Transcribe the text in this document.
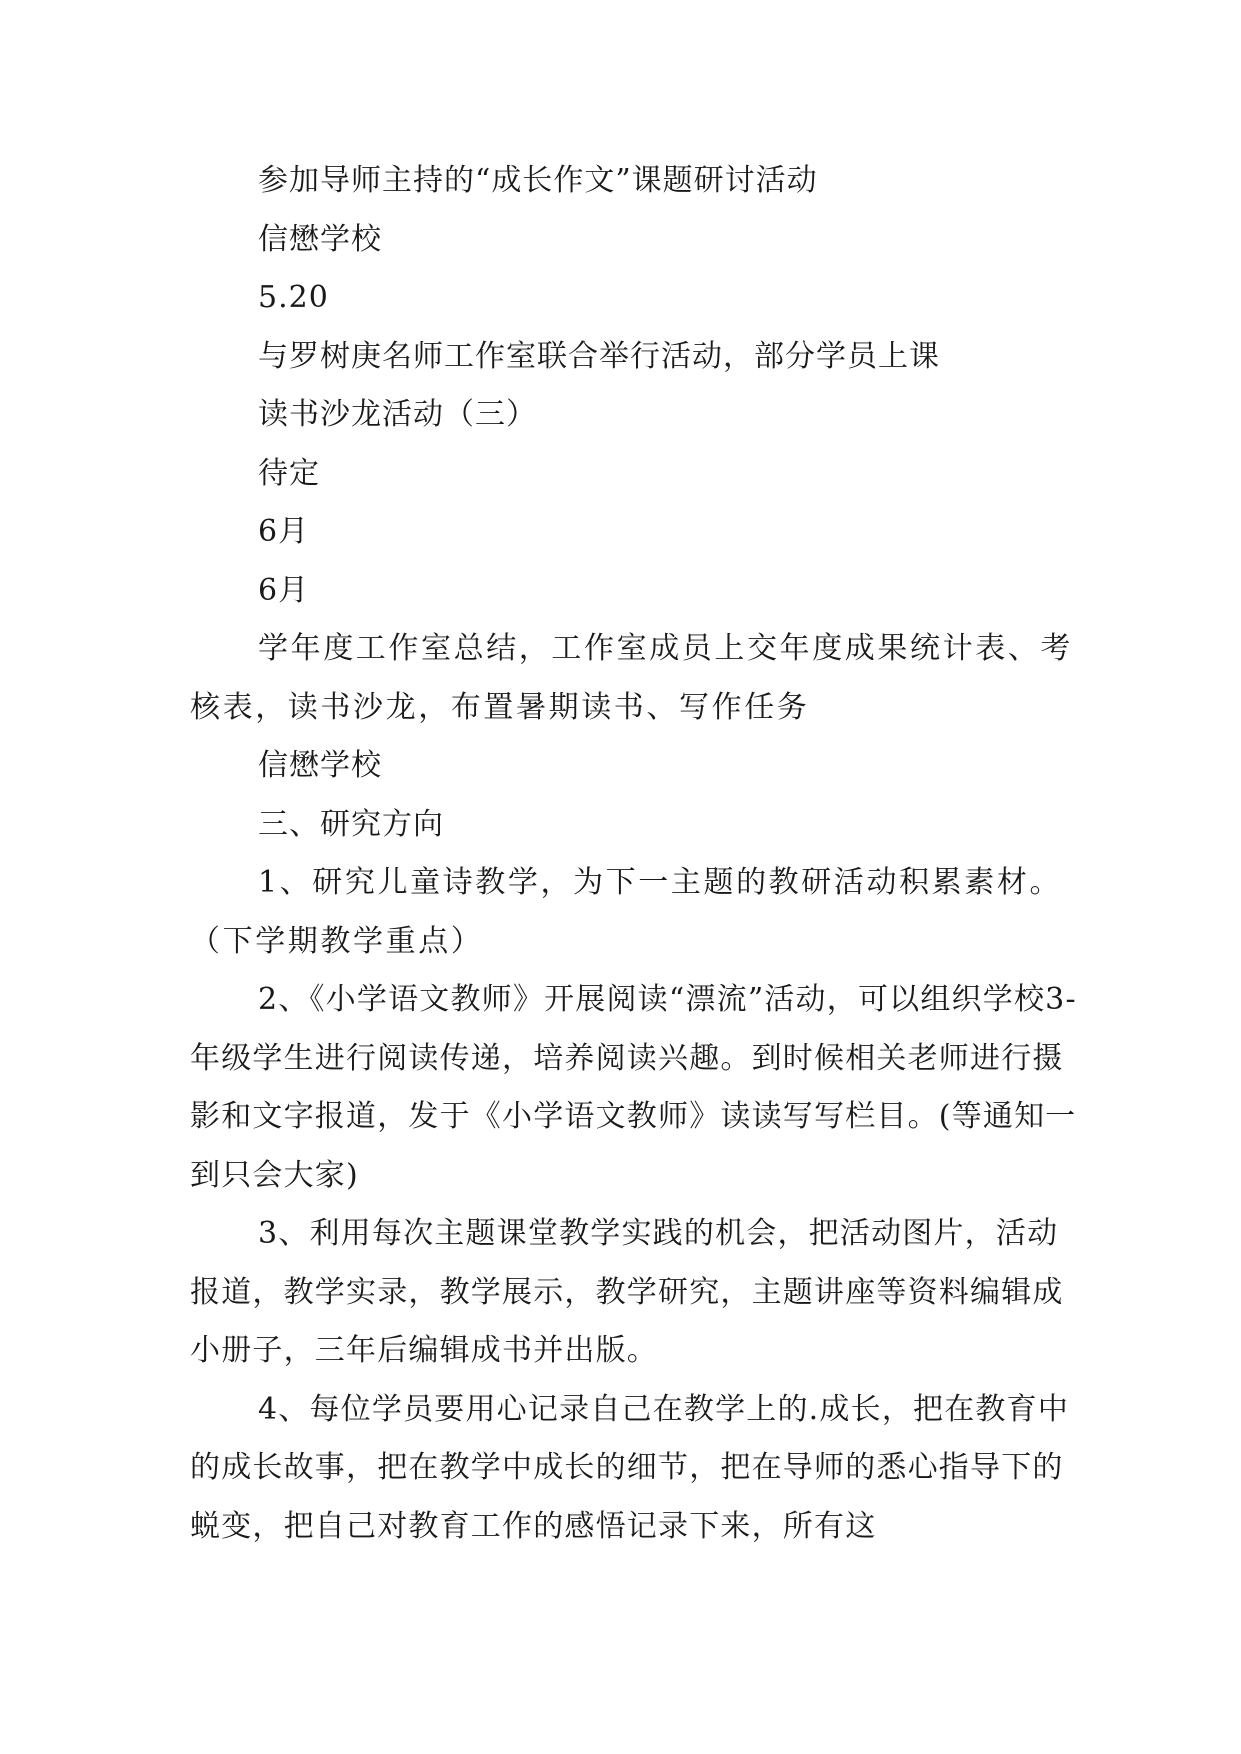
参加导师主持的“成长作文”课题研讨活动

信懋学校

5.20

与罗树庚名师工作室联合举行活动，部分学员上课

读书沙龙活动（三）

待定

6月

6月

学年度工作室总结，工作室成员上交年度成果统计表、考核表，读书沙龙，布置暑期读书、写作任务

信懋学校

三、研究方向

1、研究儿童诗教学，为下一主题的教研活动积累素材。（下学期教学重点）

2、《小学语文教师》开展阅读“漂流”活动，可以组织学校3-年级学生进行阅读传递，培养阅读兴趣。到时候相关老师进行摄影和文字报道，发于《小学语文教师》读读写写栏目。(等通知一到只会大家)

3、利用每次主题课堂教学实践的机会，把活动图片，活动报道，教学实录，教学展示，教学研究，主题讲座等资料编辑成小册子，三年后编辑成书并出版。

4、每位学员要用心记录自己在教学上的.成长，把在教育中的成长故事，把在教学中成长的细节，把在导师的悉心指导下的蜕变，把自己对教育工作的感悟记录下来，所有这
